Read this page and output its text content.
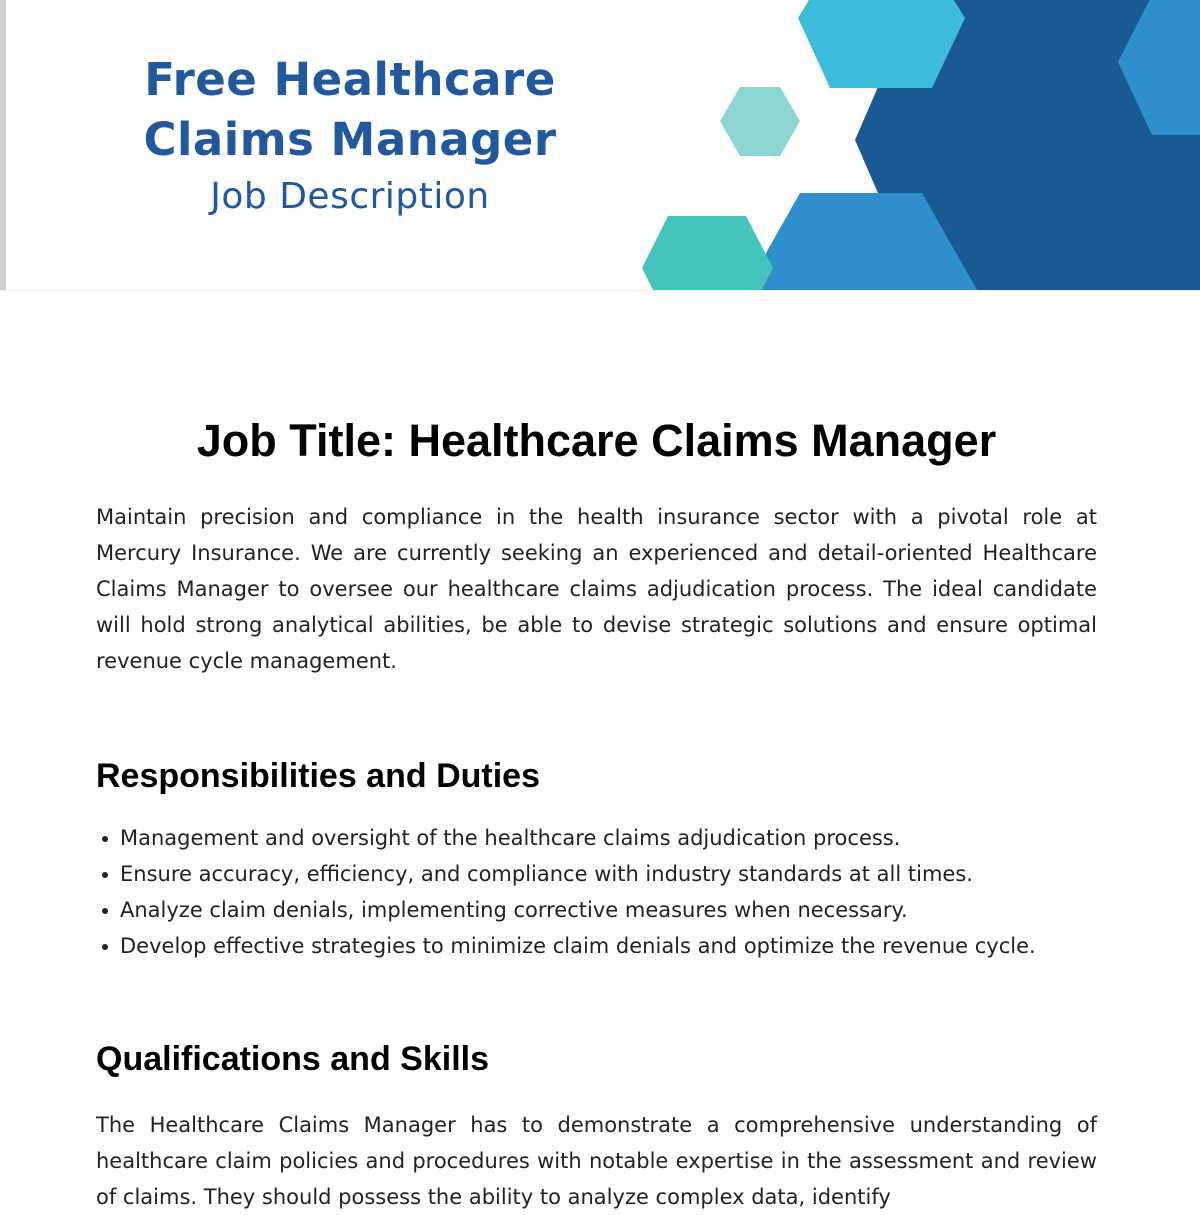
Free Healthcare
Claims Manager
Job Description
Job Title: Healthcare Claims Manager

Maintain precision and compliance in the health insurance sector with a pivotal role at Mercury Insurance. We are currently seeking an experienced and detail-oriented Healthcare Claims Manager to oversee our healthcare claims adjudication process. The ideal candidate will hold strong analytical abilities, be able to devise strategic solutions and ensure optimal revenue cycle management.

Responsibilities and Duties
Management and oversight of the healthcare claims adjudication process.
Ensure accuracy, efficiency, and compliance with industry standards at all times.
Analyze claim denials, implementing corrective measures when necessary.
Develop effective strategies to minimize claim denials and optimize the revenue cycle.
Qualifications and Skills

The Healthcare Claims Manager has to demonstrate a comprehensive understanding of healthcare claim policies and procedures with notable expertise in the assessment and review of claims. They should possess the ability to analyze complex data, identify
